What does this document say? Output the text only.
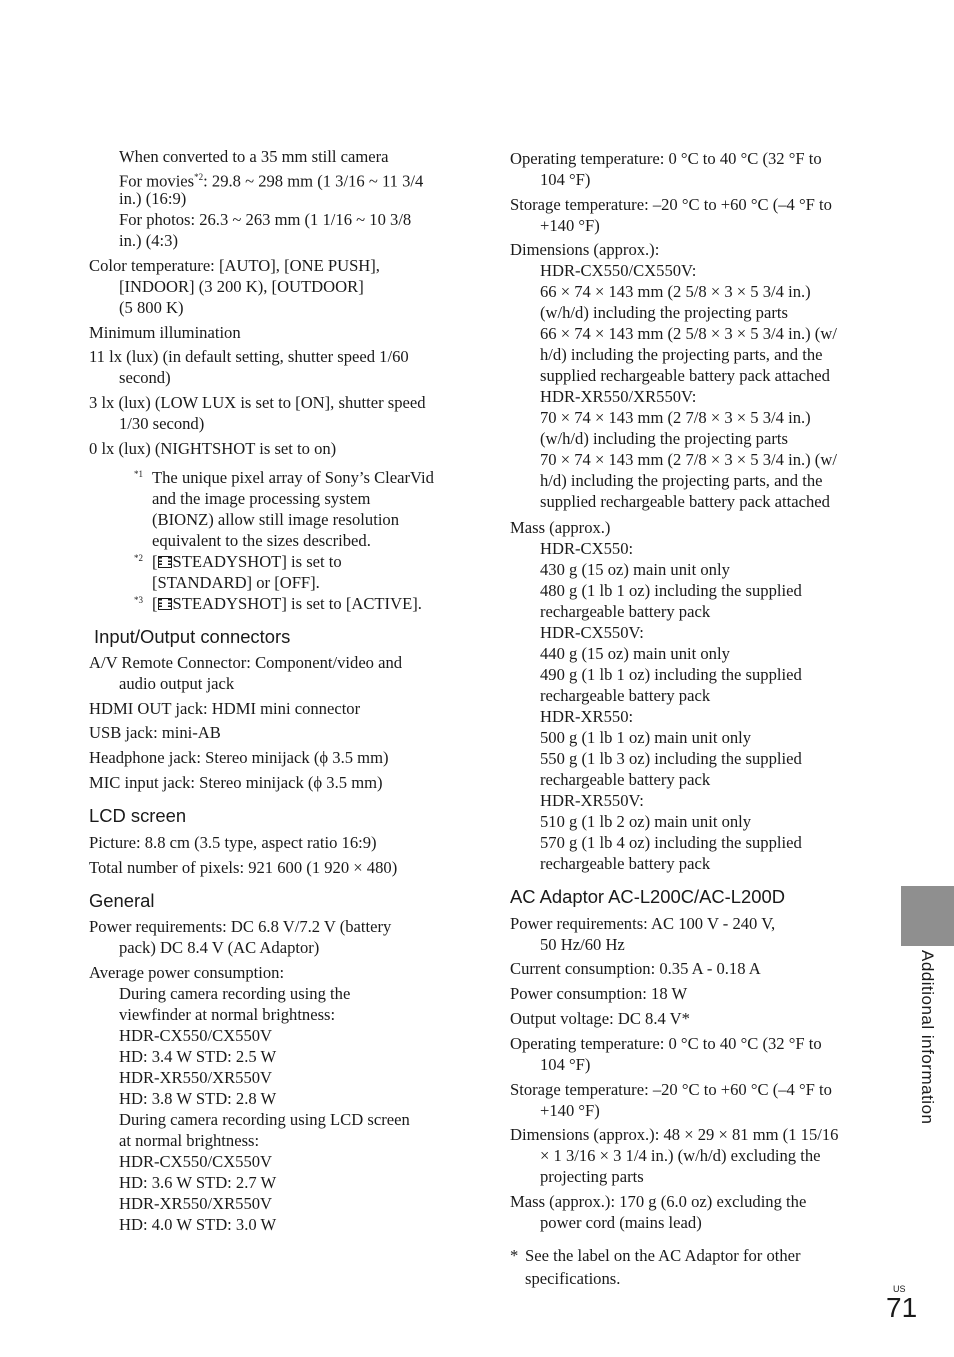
When converted to a 35 mm still camera
For movies$^{*2}$: 29.8 ~ 298 mm (1 3/16 ~ 11 3/4
in.) (16:9)
For photos: 26.3 ~ 263 mm (1 1/16 ~ 10 3/8
in.) (4:3)
Color temperature: [AUTO], [ONE PUSH],
[INDOOR] (3 200 K), [OUTDOOR]
(5 800 K)
Minimum illumination
11 lx (lux) (in default setting, shutter speed 1/60
second)
3 lx (lux) (LOW LUX is set to [ON], shutter speed
1/30 second)
0 lx (lux) (NIGHTSHOT is set to on)
*1 The unique pixel array of Sony’s ClearVid
and the image processing system
(BIONZ) allow still image resolution
equivalent to the sizes described.
*2 [ STEADYSHOT] is set to
[STANDARD] or [OFF].
*3 [ STEADYSHOT] is set to [ACTIVE].
Input/Output connectors
A/V Remote Connector: Component/video and
audio output jack
HDMI OUT jack: HDMI mini connector
USB jack: mini-AB
Headphone jack: Stereo minijack (ϕ 3.5 mm)
MIC input jack: Stereo minijack (ϕ 3.5 mm)
LCD screen
Picture: 8.8 cm (3.5 type, aspect ratio 16:9)
Total number of pixels: 921 600 (1 920 × 480)
General
Power requirements: DC 6.8 V/7.2 V (battery
pack) DC 8.4 V (AC Adaptor)
Average power consumption:
During camera recording using the
viewfinder at normal brightness:
HDR-CX550/CX550V
HD: 3.4 W STD: 2.5 W
HDR-XR550/XR550V
HD: 3.8 W STD: 2.8 W
During camera recording using LCD screen
at normal brightness:
HDR-CX550/CX550V
HD: 3.6 W STD: 2.7 W
HDR-XR550/XR550V
HD: 4.0 W STD: 3.0 W
Operating temperature: 0 °C to 40 °C (32 °F to
104 °F)
Storage temperature: –20 °C to +60 °C (–4 °F to
+140 °F)
Dimensions (approx.):
HDR-CX550/CX550V:
66 × 74 × 143 mm (2 5/8 × 3 × 5 3/4 in.)
(w/h/d) including the projecting parts
66 × 74 × 143 mm (2 5/8 × 3 × 5 3/4 in.) (w/
h/d) including the projecting parts, and the
supplied rechargeable battery pack attached
HDR-XR550/XR550V:
70 × 74 × 143 mm (2 7/8 × 3 × 5 3/4 in.)
(w/h/d) including the projecting parts
70 × 74 × 143 mm (2 7/8 × 3 × 5 3/4 in.) (w/
h/d) including the projecting parts, and the
supplied rechargeable battery pack attached
Mass (approx.)
HDR-CX550:
430 g (15 oz) main unit only
480 g (1 lb 1 oz) including the supplied
rechargeable battery pack
HDR-CX550V:
440 g (15 oz) main unit only
490 g (1 lb 1 oz) including the supplied
rechargeable battery pack
HDR-XR550:
500 g (1 lb 1 oz) main unit only
550 g (1 lb 3 oz) including the supplied
rechargeable battery pack
HDR-XR550V:
510 g (1 lb 2 oz) main unit only
570 g (1 lb 4 oz) including the supplied
rechargeable battery pack
AC Adaptor AC-L200C/AC-L200D
Power requirements: AC 100 V - 240 V,
50 Hz/60 Hz
Current consumption: 0.35 A - 0.18 A
Power consumption: 18 W
Output voltage: DC 8.4 V*
Operating temperature: 0 °C to 40 °C (32 °F to
104 °F)
Storage temperature: –20 °C to +60 °C (–4 °F to
+140 °F)
Dimensions (approx.): 48 × 29 × 81 mm (1 15/16
× 1 3/16 × 3 1/4 in.) (w/h/d) excluding the
projecting parts
Mass (approx.): 170 g (6.0 oz) excluding the
power cord (mains lead)
* See the label on the AC Adaptor for other
specifications.
Additional information
US
71
